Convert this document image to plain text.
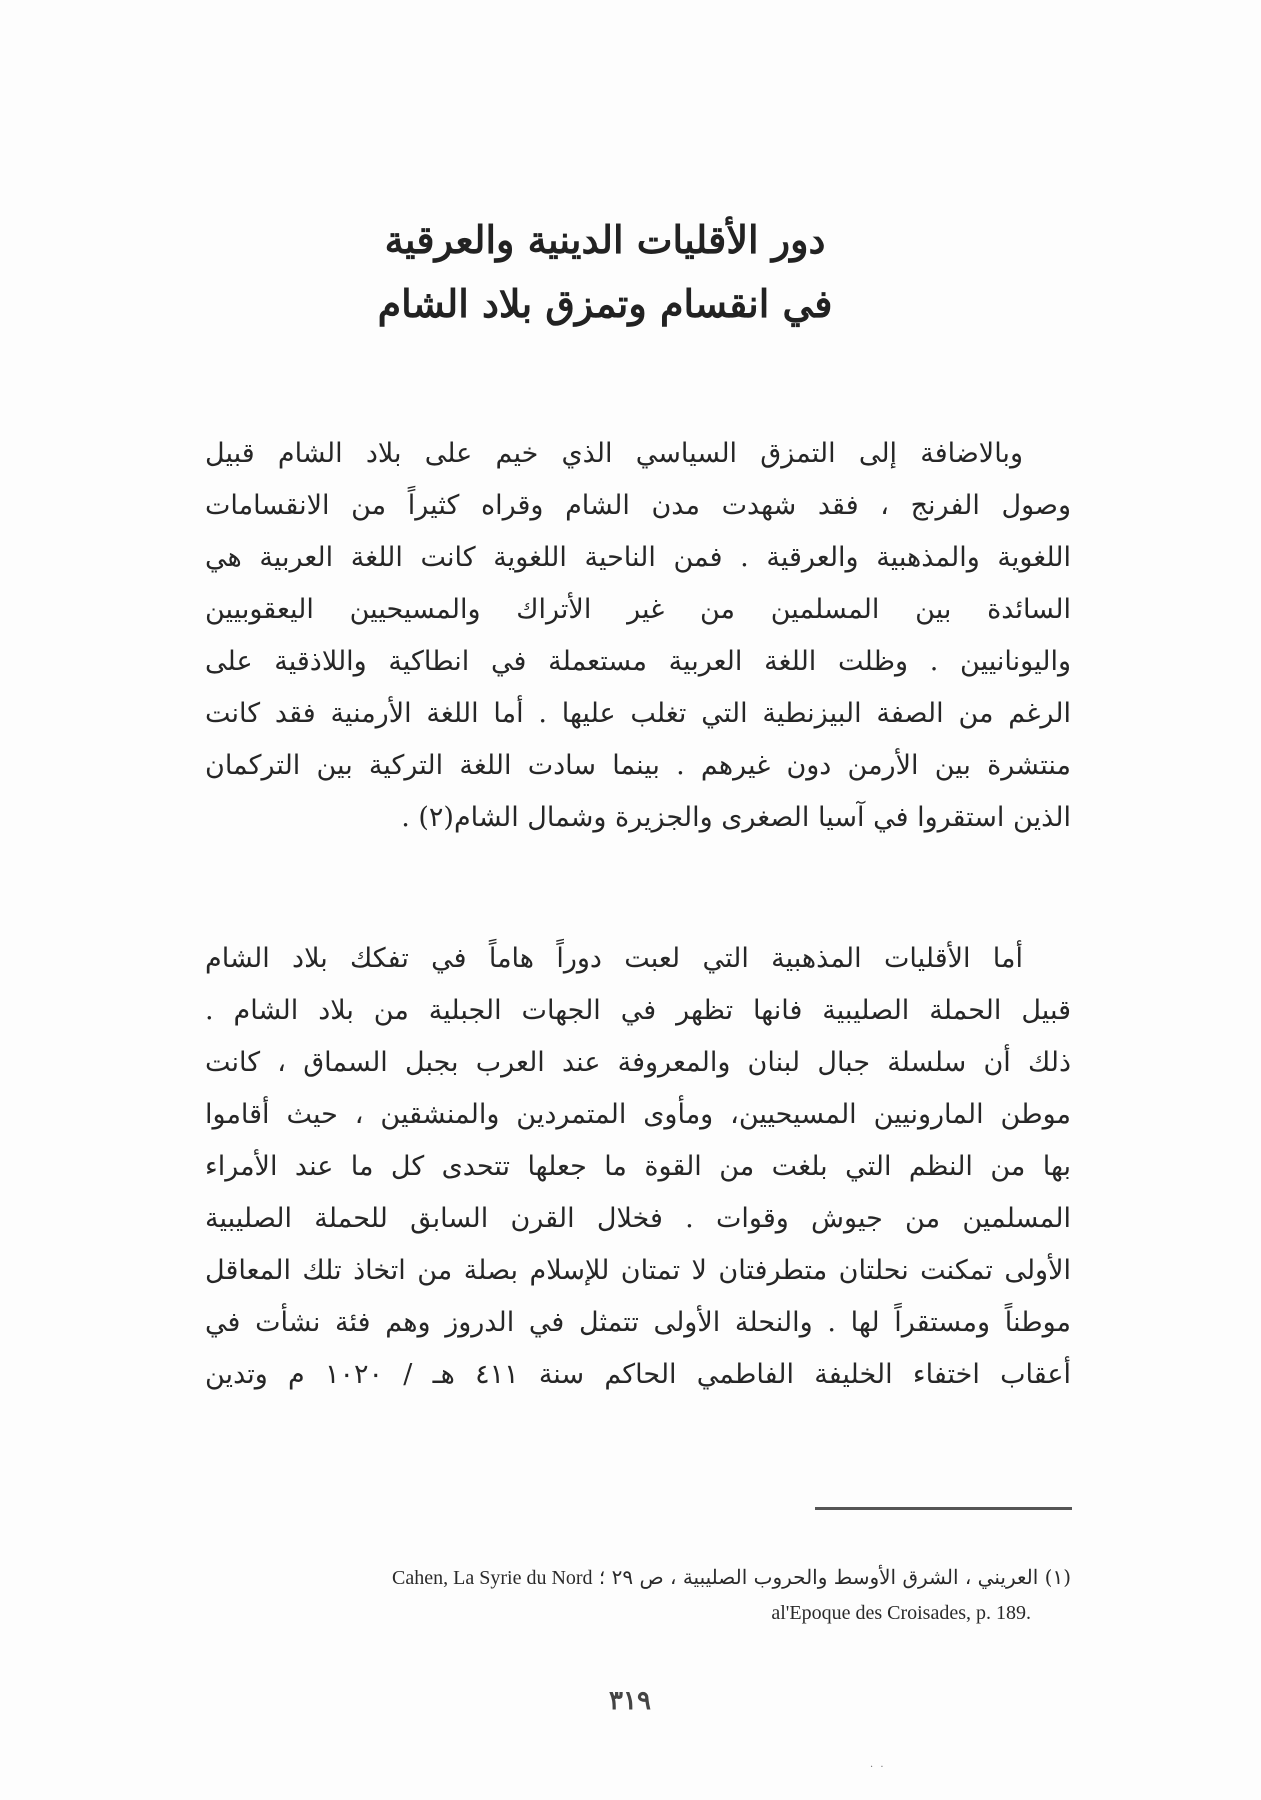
دور الأقليات الدينية والعرقية
في انقسام وتمزق بلاد الشام
وبالاضافة إلى التمزق السياسي الذي خيم على بلاد الشام قبيل
وصول الفرنج ، فقد شهدت مدن الشام وقراه كثيراً من الانقسامات
اللغوية والمذهبية والعرقية . فمن الناحية اللغوية كانت اللغة العربية هي
السائدة بين المسلمين من غير الأتراك والمسيحيين اليعقوبيين
واليونانيين . وظلت اللغة العربية مستعملة في انطاكية واللاذقية على
الرغم من الصفة البيزنطية التي تغلب عليها . أما اللغة الأرمنية فقد كانت
منتشرة بين الأرمن دون غيرهم . بينما سادت اللغة التركية بين التركمان
الذين استقروا في آسيا الصغرى والجزيرة وشمال الشام(٢) .
أما الأقليات المذهبية التي لعبت دوراً هاماً في تفكك بلاد الشام
قبيل الحملة الصليبية فانها تظهر في الجهات الجبلية من بلاد الشام .
ذلك أن سلسلة جبال لبنان والمعروفة عند العرب بجبل السماق ، كانت
موطن المارونيين المسيحيين، ومأوى المتمردين والمنشقين ، حيث أقاموا
بها من النظم التي بلغت من القوة ما جعلها تتحدى كل ما عند الأمراء
المسلمين من جيوش وقوات . فخلال القرن السابق للحملة الصليبية
الأولى تمكنت نحلتان متطرفتان لا تمتان للإسلام بصلة من اتخاذ تلك المعاقل
موطناً ومستقراً لها . والنحلة الأولى تتمثل في الدروز وهم فئة نشأت في
أعقاب اختفاء الخليفة الفاطمي الحاكم سنة ٤١١ هـ / ١٠٢٠ م وتدين
(١) العريني ، الشرق الأوسط والحروب الصليبية ، ص ٢٩ ؛ Cahen, La Syrie du Nord
al'Epoque des Croisades, p. 189.
٣١٩
· ·
